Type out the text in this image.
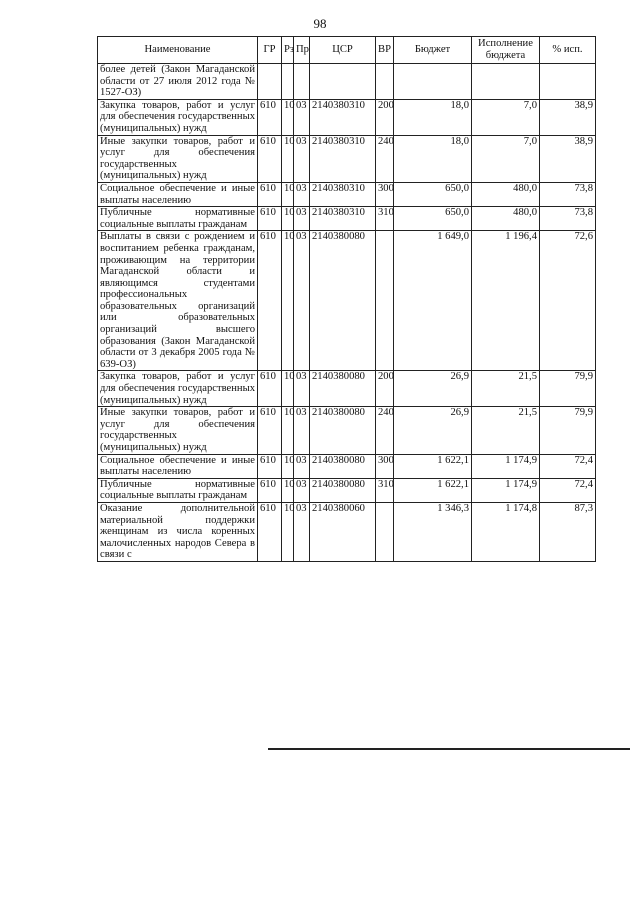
98
Наименование	ГР	Рз	Пр	ЦСР	ВР	Бюджет	Исполнение бюджета	% исп.
более детей (Закон Магаданской области от 27 июля 2012 года № 1527-ОЗ)								
Закупка товаров, работ и услуг для обеспечения государственных (муниципальных) нужд	610	10	03	2140380310	200	18,0	7,0	38,9
Иные закупки товаров, работ и услуг для обеспечения государственных (муниципальных) нужд	610	10	03	2140380310	240	18,0	7,0	38,9
Социальное обеспечение и иные выплаты населению	610	10	03	2140380310	300	650,0	480,0	73,8
Публичные нормативные социальные выплаты гражданам	610	10	03	2140380310	310	650,0	480,0	73,8
Выплаты в связи с рождением и воспитанием ребенка гражданам, проживающим на территории Магаданской области и являющимся студентами профессиональных образовательных организаций или образовательных организаций высшего образования (Закон Магаданской области от 3 декабря 2005 года № 639-ОЗ)	610	10	03	2140380080		1 649,0	1 196,4	72,6
Закупка товаров, работ и услуг для обеспечения государственных (муниципальных) нужд	610	10	03	2140380080	200	26,9	21,5	79,9
Иные закупки товаров, работ и услуг для обеспечения государственных (муниципальных) нужд	610	10	03	2140380080	240	26,9	21,5	79,9
Социальное обеспечение и иные выплаты населению	610	10	03	2140380080	300	1 622,1	1 174,9	72,4
Публичные нормативные социальные выплаты гражданам	610	10	03	2140380080	310	1 622,1	1 174,9	72,4
Оказание дополнительной материальной поддержки женщинам из числа коренных малочисленных народов Севера в связи с	610	10	03	2140380060		1 346,3	1 174,8	87,3
